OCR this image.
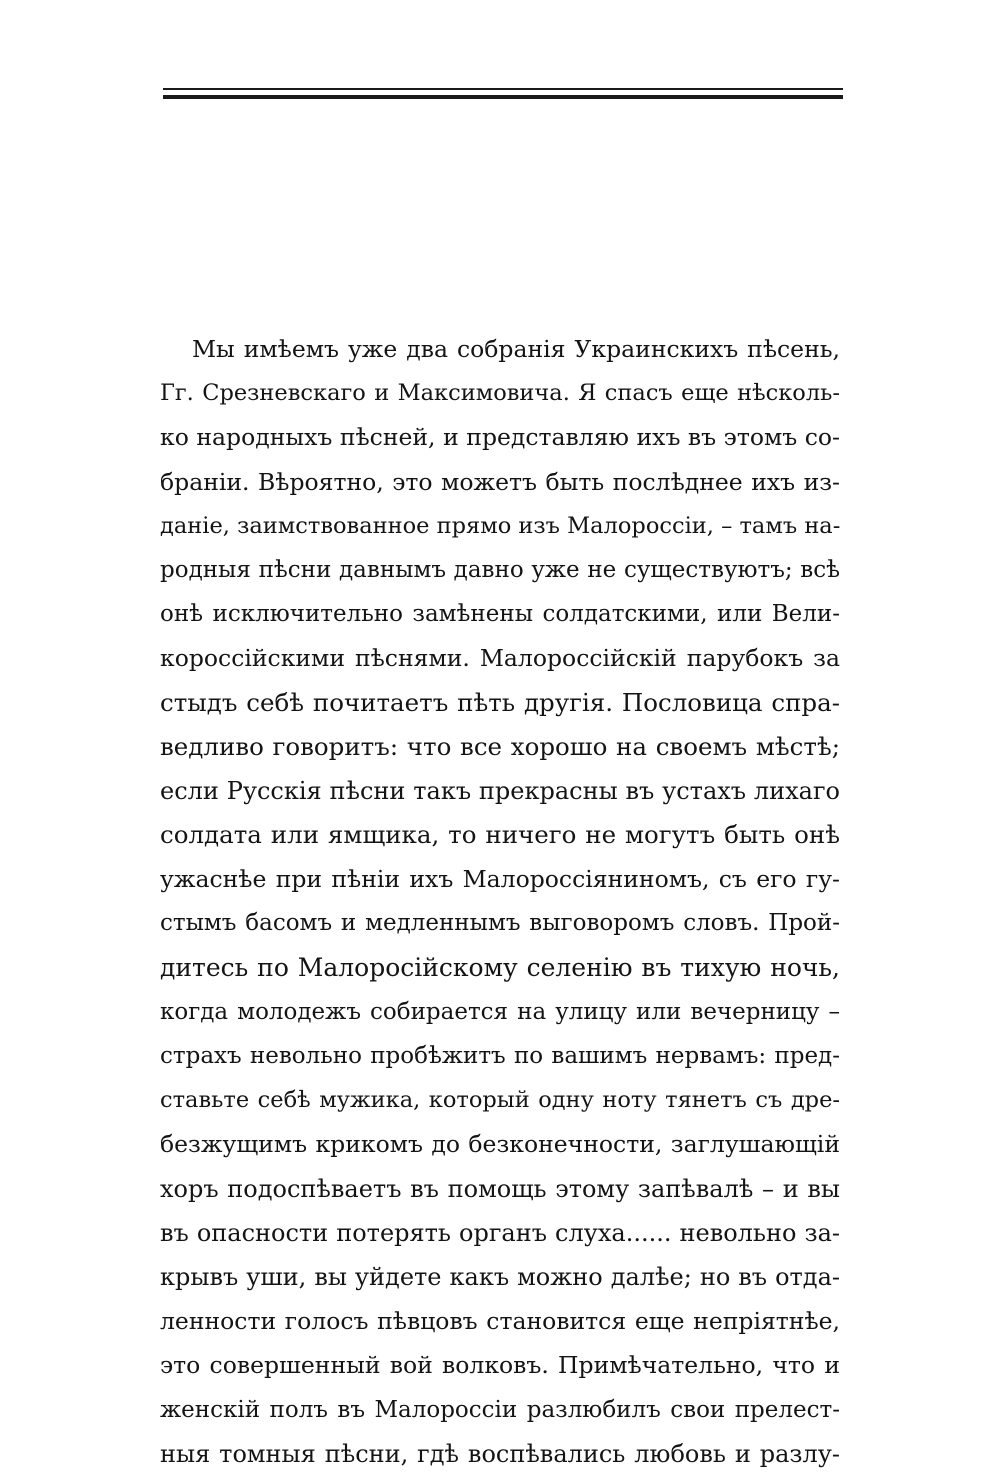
Мы имѣемъ уже два собранія Украинскихъ пѣсень,
Гг. Срезневскаго и Максимовича. Я спасъ еще нѣсколь-
ко народныхъ пѣсней, и представляю ихъ въ этомъ со-
браніи. Вѣроятно, это можетъ быть послѣднее ихъ из-
даніе, заимствованное прямо изъ Малороссіи, – тамъ на-
родныя пѣсни давнымъ давно уже не существуютъ; всѣ
онѣ исключительно замѣнены солдатскими, или Вели-
короссійскими пѣснями. Малороссійскій парубокъ за
стыдъ себѣ почитаетъ пѣть другія. Пословица спра-
ведливо говоритъ: что все хорошо на своемъ мѣстѣ;
если Русскія пѣсни такъ прекрасны въ устахъ лихаго
солдата или ямщика, то ничего не могутъ быть онѣ
ужаснѣе при пѣніи ихъ Малороссіяниномъ, съ его гу-
стымъ басомъ и медленнымъ выговоромъ словъ. Прой-
дитесь по Малоросійскому селенію въ тихую ночь,
когда молодежъ собирается на улицу или вечерницу –
страхъ невольно пробѣжитъ по вашимъ нервамъ: пред-
ставьте себѣ мужика, который одну ноту тянетъ съ дре-
безжущимъ крикомъ до безконечности, заглушающій
хоръ подоспѣваетъ въ помощь этому запѣвалѣ – и вы
въ опасности потерять органъ слуха...... невольно за-
крывъ уши, вы уйдете какъ можно далѣе; но въ отда-
ленности голосъ пѣвцовъ становится еще непріятнѣе,
это совершенный вой волковъ. Примѣчательно, что и
женскій полъ въ Малороссіи разлюбилъ свои прелест-
ныя томныя пѣсни, гдѣ воспѣвались любовь и разлу-
